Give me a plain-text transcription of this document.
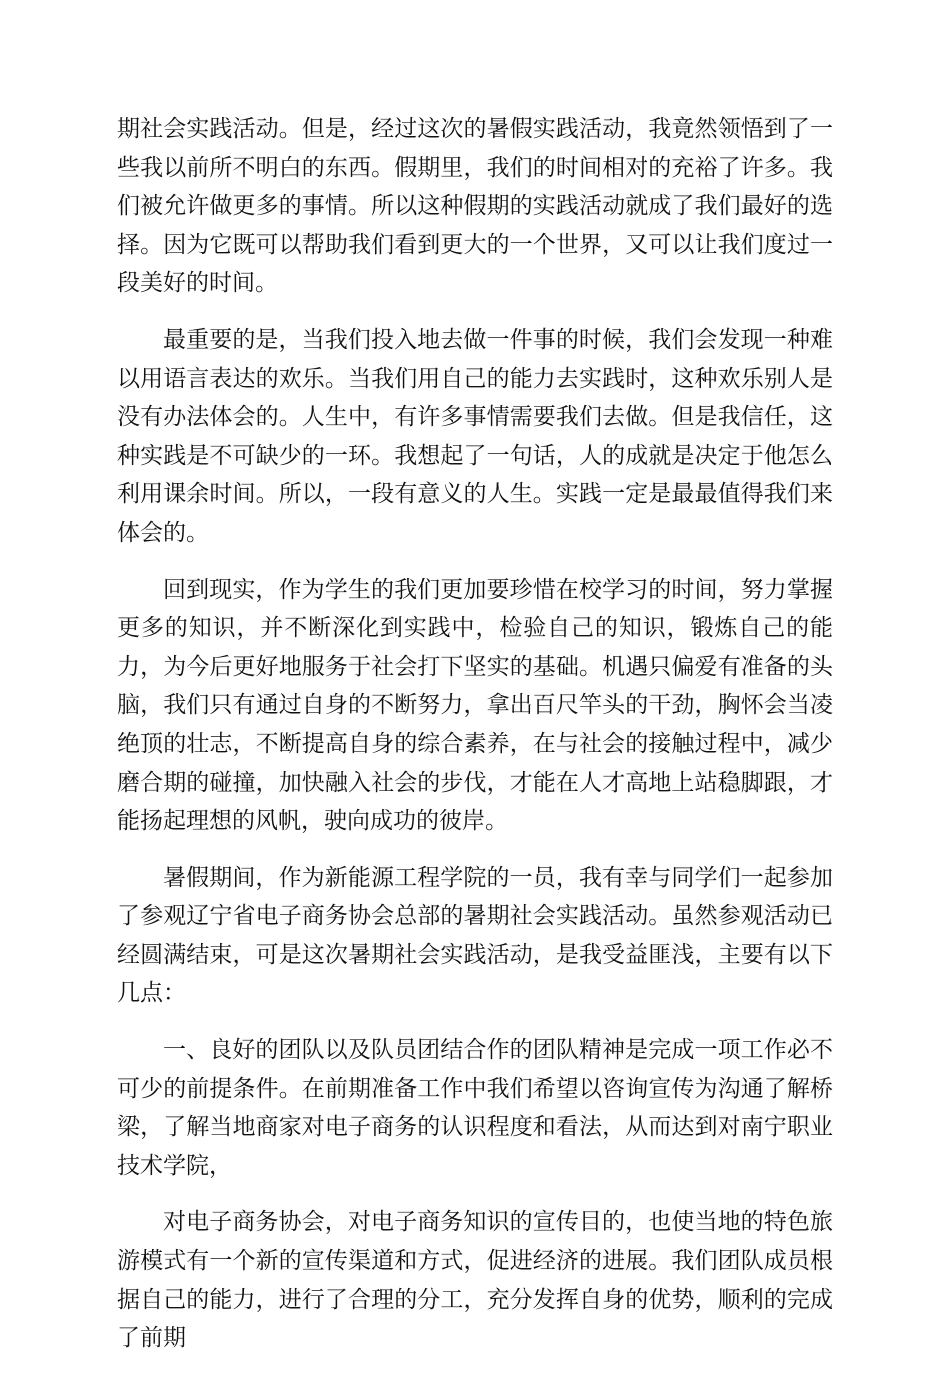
期社会实践活动。但是，经过这次的暑假实践活动，我竟然领悟到了一些我以前所不明白的东西。假期里，我们的时间相对的充裕了许多。我们被允许做更多的事情。所以这种假期的实践活动就成了我们最好的选择。因为它既可以帮助我们看到更大的一个世界，又可以让我们度过一段美好的时间。

最重要的是，当我们投入地去做一件事的时候，我们会发现一种难以用语言表达的欢乐。当我们用自己的能力去实践时，这种欢乐别人是没有办法体会的。人生中，有许多事情需要我们去做。但是我信任，这种实践是不可缺少的一环。我想起了一句话，人的成就是决定于他怎么利用课余时间。所以，一段有意义的人生。实践一定是最最值得我们来体会的。

回到现实，作为学生的我们更加要珍惜在校学习的时间，努力掌握更多的知识，并不断深化到实践中，检验自己的知识，锻炼自己的能力，为今后更好地服务于社会打下坚实的基础。机遇只偏爱有准备的头脑，我们只有通过自身的不断努力，拿出百尺竿头的干劲，胸怀会当凌绝顶的壮志，不断提高自身的综合素养，在与社会的接触过程中，减少磨合期的碰撞，加快融入社会的步伐，才能在人才高地上站稳脚跟，才能扬起理想的风帆，驶向成功的彼岸。

暑假期间，作为新能源工程学院的一员，我有幸与同学们一起参加了参观辽宁省电子商务协会总部的暑期社会实践活动。虽然参观活动已经圆满结束，可是这次暑期社会实践活动，是我受益匪浅，主要有以下几点：

一、良好的团队以及队员团结合作的团队精神是完成一项工作必不可少的前提条件。在前期准备工作中我们希望以咨询宣传为沟通了解桥梁，了解当地商家对电子商务的认识程度和看法，从而达到对南宁职业技术学院，

对电子商务协会，对电子商务知识的宣传目的，也使当地的特色旅游模式有一个新的宣传渠道和方式，促进经济的进展。我们团队成员根据自己的能力，进行了合理的分工，充分发挥自身的优势，顺利的完成了前期
